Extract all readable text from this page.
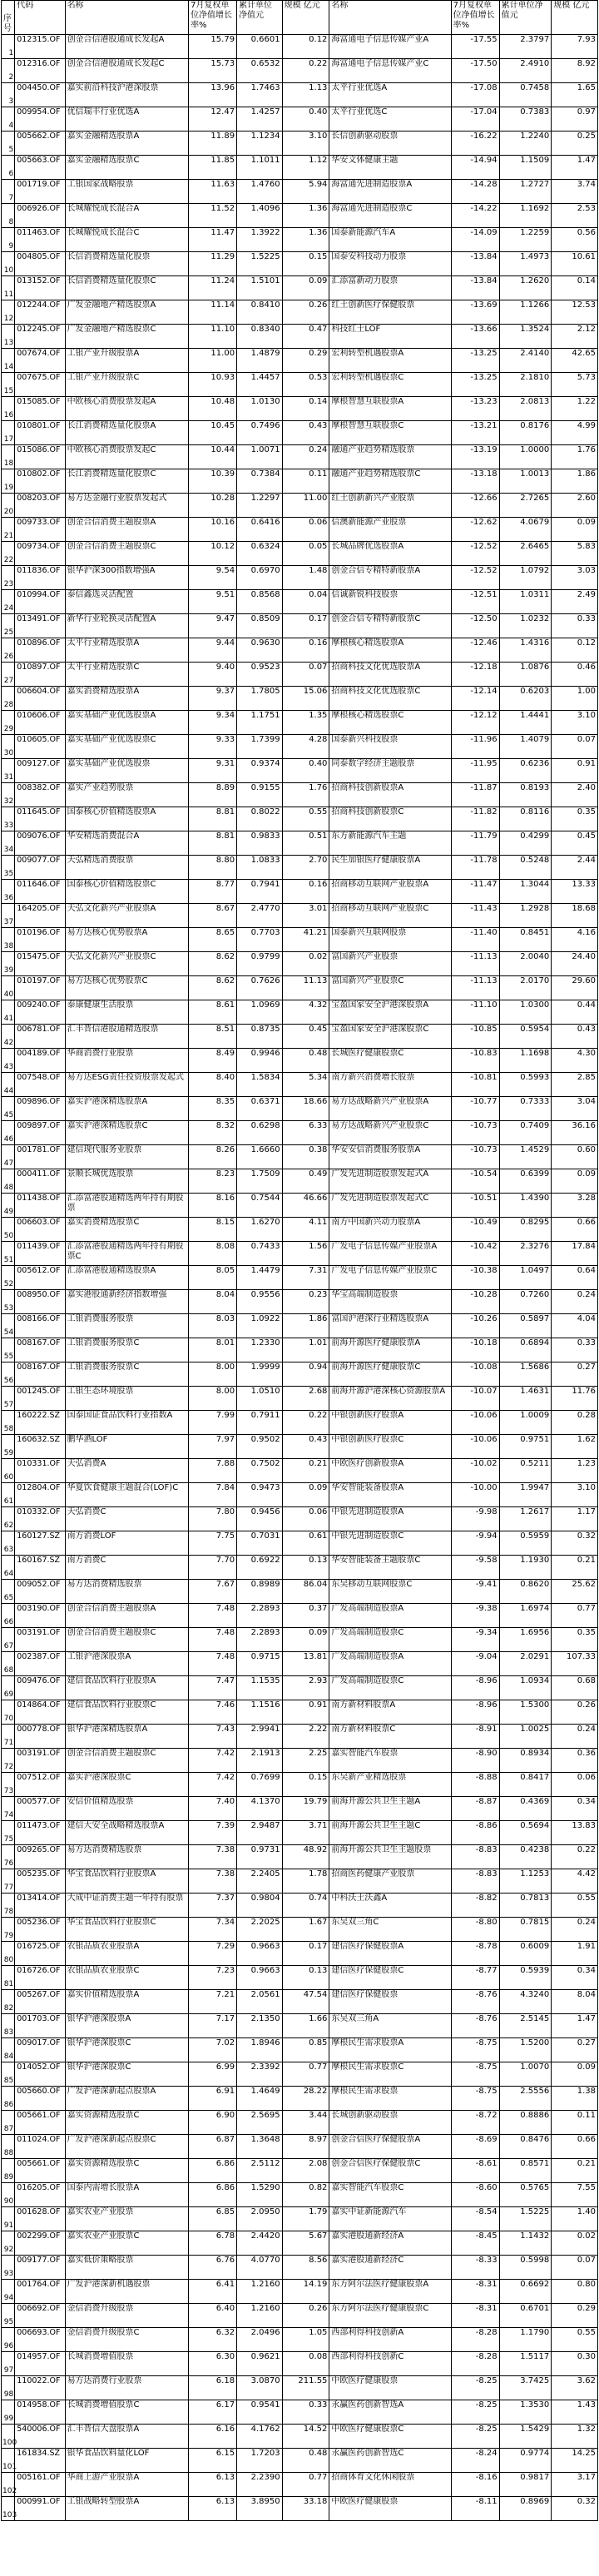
序号	代码	名称	7月复权单位净值增长率%	累计单位净值元	规模 亿元	名称	7月复权单位净值增长率%	累计单位净值元	规模 亿元
1	012315.OF	创金合信港股通成长发起A	15.79	0.6601	0.12	海富通电子信息传媒产业A	-17.55	2.3797	7.93
2	012316.OF	创金合信港股通成长发起C	15.73	0.6532	0.22	海富通电子信息传媒产业C	-17.50	2.4910	8.92
3	004450.OF	嘉实前沿科技沪港深股票	13.96	1.7463	1.13	太平行业优选A	-17.08	0.7458	1.65
4	009954.OF	优信瑞丰行业优选A	12.47	1.4257	0.40	太平行业优选C	-17.04	0.7383	0.97
5	005662.OF	嘉实金融精选股票A	11.89	1.1234	3.10	长信创新驱动股票	-16.22	1.2240	0.25
6	005663.OF	嘉实金融精选股票C	11.85	1.1011	1.12	华安文体健康主题	-14.94	1.1509	1.47
7	001719.OF	工银国家战略股票	11.63	1.4760	5.94	海富通先进制造股票A	-14.28	1.2727	3.74
8	006926.OF	长城耀悦成长混合A	11.52	1.4096	1.36	海富通先进制造股票C	-14.22	1.1692	2.53
9	011463.OF	长城耀悦成长混合C	11.47	1.3922	1.36	国泰新能源汽车A	-14.09	1.2259	0.56
10	004805.OF	长信消费精选量化股票	11.29	1.5225	0.15	国泰安科技动力股票	-13.84	1.4973	10.61
11	013152.OF	长信消费精选量化股票C	11.24	1.5101	0.09	汇添富新动力股票	-13.84	1.2620	0.14
12	012244.OF	广发金融地产精选股票A	11.14	0.8410	0.26	红土创新医疗保健股票	-13.69	1.1266	12.53
13	012245.OF	广发金融地产精选股票C	11.10	0.8340	0.47	科技红土LOF	-13.66	1.3524	2.12
14	007674.OF	工银产业升级股票A	11.00	1.4879	0.29	宏利转型机遇股票A	-13.25	2.4140	42.65
15	007675.OF	工银产业升级股票C	10.93	1.4457	0.53	宏利转型机遇股票C	-13.25	2.1810	5.73
16	015085.OF	中欧核心消费股票发起A	10.48	1.0130	0.14	摩根智慧互联股票A	-13.23	2.0813	1.22
17	010801.OF	长江消费精选量化股票A	10.45	0.7496	0.43	摩根智慧互联股票C	-13.21	0.8176	4.99
18	015086.OF	中欧核心消费股票发起C	10.44	1.0071	0.24	融通产业趋势精选股票	-13.19	1.0000	1.76
19	010802.OF	长江消费精选量化股票C	10.39	0.7384	0.11	融通产业趋势精选股票C	-13.18	1.0013	1.86
20	008203.OF	易方达金融行业股票发起式	10.28	1.2297	11.00	红土创新新兴产业股票	-12.66	2.7265	2.60
21	009733.OF	创金合信消费主题股票A	10.16	0.6416	0.06	信澳新能源产业股票	-12.62	4.0679	0.09
22	009734.OF	创金合信消费主题股票C	10.12	0.6324	0.05	长城品牌优选股票A	-12.52	2.6465	5.83
23	011836.OF	银华沪深300指数增强A	9.54	0.6970	1.48	创金合信专精特新股票A	-12.52	1.0792	3.03
24	010994.OF	泰信鑫选灵活配置	9.51	0.8568	0.04	信诚新锐科技股票	-12.51	1.0311	2.49
25	013491.OF	新华行业轮换灵活配置A	9.47	0.8509	0.17	创金合信专精特新股票C	-12.50	1.0232	0.33
26	010896.OF	太平行业精选股票A	9.44	0.9630	0.16	摩根核心精选股票A	-12.46	1.4316	0.12
27	010897.OF	太平行业精选股票C	9.40	0.9523	0.07	招商科技文化优选股票A	-12.18	1.0876	0.46
28	006604.OF	嘉实消费精选股票A	9.37	1.7805	15.06	招商科技文化优选股票C	-12.14	0.6203	1.00
29	010606.OF	嘉实基础产业优选股票A	9.34	1.1751	1.35	摩根核心精选股票C	-12.12	1.4441	3.10
30	010605.OF	嘉实基础产业优选股票C	9.33	1.7399	4.28	国泰新兴科技股票	-11.96	1.4079	0.07
31	009127.OF	嘉实基础产业优选股票	9.31	0.9374	0.40	同泰数字经济主题股票	-11.95	0.6236	0.91
32	008382.OF	嘉实产业趋势股票	8.89	0.9155	1.76	招商科技创新股票A	-11.87	0.8193	2.40
33	011645.OF	国泰核心价值精选股票A	8.81	0.8022	0.55	招商科技创新股票C	-11.82	0.8116	0.35
34	009076.OF	华安精选消费混合A	8.81	0.9833	0.51	东方新能源汽车主题	-11.79	0.4299	0.45
35	009077.OF	天弘精选消费股票	8.80	1.0833	2.70	民生加银医疗健康股票A	-11.78	0.5248	2.44
36	011646.OF	国泰核心价值精选股票C	8.77	0.7941	0.16	招商移动互联网产业股票A	-11.47	1.3044	13.33
37	164205.OF	天弘文化新兴产业股票A	8.67	2.4770	3.01	招商移动互联网产业股票C	-11.43	1.2928	18.68
38	010196.OF	易方达核心优势股票A	8.65	0.7703	41.21	国泰新兴互联网股票	-11.40	0.8451	4.16
39	015475.OF	天弘文化新兴产业股票C	8.62	0.9799	0.02	富国新兴产业股票	-11.13	2.0040	24.40
40	010197.OF	易方达核心优势股票C	8.62	0.7626	11.13	富国新兴产业股票C	-11.13	2.0170	29.60
41	009240.OF	泰康健康生活股票	8.61	1.0969	4.32	宝盈国家安全沪港深股票A	-11.10	1.0300	0.44
42	006781.OF	汇丰晋信港股通精选股票	8.51	0.8735	0.45	宝盈国家安全沪港深股票C	-10.85	0.5954	0.43
43	004189.OF	华商消费行业股票	8.49	0.9946	0.48	长城医疗健康股票C	-10.83	1.1698	4.30
44	007548.OF	易方达ESG责任投资股票发起式	8.40	1.5834	5.34	南方新兴消费增长股票	-10.81	0.5993	2.85
45	009896.OF	嘉实沪港深精选股票A	8.35	0.6371	18.66	易方达战略新兴产业股票A	-10.77	0.7333	3.04
46	009897.OF	嘉实沪港深精选股票C	8.32	0.6298	6.33	易方达战略新兴产业股票C	-10.73	0.7409	36.16
47	001781.OF	建信现代服务业股票	8.26	1.6660	0.38	华安安信消费服务股票A	-10.73	1.4529	0.60
48	000411.OF	景顺长城优选股票	8.23	1.7509	0.49	广发先进制造股票发起式A	-10.54	0.6399	0.09
49	011438.OF	汇添富港股通精选两年持有期股票	8.16	0.7544	46.66	广发先进制造股票发起式C	-10.51	1.4390	3.28
50	006603.OF	嘉实消费精选股票C	8.15	1.6270	4.11	南方中国新兴动力股票A	-10.49	0.8295	0.66
51	011439.OF	汇添富港股通精选两年持有期股票C	8.08	0.7433	1.56	广发电子信息传媒产业股票A	-10.42	2.3276	17.84
52	005612.OF	汇添富港股通精选股票A	8.05	1.4479	7.31	广发电子信息传媒产业股票C	-10.38	1.0497	0.64
53	008950.OF	嘉实港股通新经济指数增强	8.04	0.9556	0.23	华宝高端制造股票	-10.28	0.7260	0.24
54	008166.OF	工银消费服务股票	8.03	1.0922	1.86	富国沪港深行业精选股票A	-10.26	0.5897	4.04
55	008167.OF	工银消费服务股票C	8.01	1.2330	1.01	前海开源医疗健康股票A	-10.18	0.6894	0.33
56	008167.OF	工银消费服务股票C	8.00	1.9999	0.94	前海开源医疗健康股票C	-10.08	1.5686	0.27
57	001245.OF	工银生态环境股票	8.00	1.0510	2.68	前海开源沪港深核心资源股票A	-10.07	1.4631	11.76
58	160222.SZ	国泰国证食品饮料行业指数A	7.99	0.7911	0.22	中银创新医疗股票A	-10.06	1.0009	0.28
59	160632.SZ	鹏华酒LOF	7.97	0.9502	0.43	中银创新医疗股票C	-10.06	0.9751	1.62
60	010331.OF	天弘消费A	7.88	0.7502	0.21	中欧医疗创新股票A	-10.02	0.5211	1.23
61	012804.OF	华夏饮食健康主题混合(LOF)C	7.84	0.9473	0.09	华安智能装备股票A	-10.00	1.9947	3.10
62	010332.OF	天弘消费C	7.80	0.9456	0.06	中银先进制造股票A	-9.98	1.2617	1.17
63	160127.SZ	南方消费LOF	7.75	0.7031	0.61	中银先进制造股票C	-9.94	0.5959	0.32
64	160167.SZ	南方消费C	7.70	0.6922	0.13	华安智能装备主题股票C	-9.58	1.1930	0.21
65	009052.OF	易方达消费精选股票	7.67	0.8989	86.04	东吴移动互联网股票C	-9.41	0.8620	25.62
66	003190.OF	创金合信消费主题股票A	7.48	2.2893	0.37	广发高端制造股票A	-9.38	1.6974	0.77
67	003191.OF	创金合信消费主题股票C	7.48	2.2893	0.09	广发高端制造股票C	-9.34	1.6956	0.35
68	002387.OF	工银沪港深股票A	7.48	0.9715	13.81	广发高端制造股票A	-9.04	2.0291	107.33
69	009476.OF	建信食品饮料行业股票A	7.47	1.1535	2.93	广发高端制造股票C	-8.96	1.0934	0.68
70	014864.OF	建信食品饮料行业股票C	7.46	1.1516	0.91	南方新材料股票A	-8.96	1.5300	0.26
71	000778.OF	银华沪港深精选股票A	7.43	2.9941	2.22	南方新材料股票C	-8.91	1.0025	0.24
72	003191.OF	创金合信消费主题股票C	7.42	2.1913	2.25	嘉实智能汽车股票	-8.90	0.8934	0.36
73	007512.OF	嘉实沪港深股票C	7.42	0.7699	0.15	东吴新产业精选股票	-8.88	0.8417	0.06
74	000577.OF	安信价值精选股票	7.40	4.1370	19.79	前海开源公共卫生主题A	-8.87	0.4369	0.34
75	011473.OF	建信大安全战略精选股票A	7.39	2.9487	3.71	前海开源公共卫生主题C	-8.86	0.5694	13.83
76	009265.OF	易方达消费精选股票	7.38	0.9731	48.92	前海开源公共卫生主题股票	-8.83	0.4238	0.22
77	005235.OF	华宝食品饮料行业股票A	7.38	2.2405	1.78	招商医药健康产业股票	-8.83	1.1253	4.42
78	013414.OF	大成中证消费主题一年持有股票	7.37	0.9804	0.74	中科沃土沃鑫A	-8.82	0.7813	0.55
79	005236.OF	华宝食品饮料行业股票C	7.34	2.2025	1.67	东吴双三角C	-8.80	0.7815	0.24
80	016725.OF	农银品质农业股票A	7.29	0.9663	0.17	建信医疗保健股票A	-8.78	0.6009	1.91
81	016726.OF	农银品质农业股票C	7.23	0.9663	0.13	建信医疗保健股票C	-8.77	0.5939	0.34
82	005267.OF	嘉实价值精选股票A	7.21	2.0561	47.54	建信医疗保健股票	-8.76	4.3240	8.04
83	001703.OF	银华沪港深股票A	7.17	2.1350	1.66	东吴双三角A	-8.76	2.5145	1.47
84	009017.OF	银华沪港深股票C	7.02	1.8946	0.85	摩根民生需求股票A	-8.75	1.5200	0.27
85	014052.OF	银华沪港深股票C	6.99	2.3392	0.77	摩根民生需求股票C	-8.75	1.0070	0.09
86	005660.OF	广发沪港深新起点股票A	6.91	1.4649	28.22	摩根民生需求股票	-8.75	2.5556	1.38
87	005661.OF	嘉实资源精选股票C	6.90	2.5695	3.44	长城创新驱动股票	-8.72	0.8886	0.11
88	011024.OF	广发沪港深新起点股票C	6.87	1.3648	8.97	创金合信医疗保健股票A	-8.69	0.8476	0.66
89	005661.OF	嘉实资源精选股票C	6.86	2.5112	2.08	创金合信医疗保健股票C	-8.61	0.8571	0.21
90	016205.OF	国泰内需增长股票A	6.86	1.5290	0.82	嘉实智能汽车股票C	-8.60	0.5765	7.55
91	001628.OF	嘉实农业产业股票	6.85	2.0950	1.79	嘉实中证新能源汽车	-8.54	1.5225	1.40
92	002299.OF	嘉实农业产业股票C	6.78	2.4420	5.67	嘉实港股通新经济A	-8.45	1.1432	0.02
93	009177.OF	嘉实低价策略股票	6.76	4.0770	8.56	嘉实港股通新经济C	-8.33	0.5998	0.07
94	001764.OF	广发沪港深新机遇股票	6.41	1.2160	14.19	东方阿尔法医疗健康股票A	-8.31	0.6692	0.80
95	006692.OF	金信消费升级股票	6.40	1.2160	0.26	东方阿尔法医疗健康股票C	-8.31	0.6701	0.29
96	006693.OF	金信消费升级股票C	6.32	2.0496	1.05	西部利得科技创新A	-8.28	1.1790	0.55
97	014957.OF	长城消费增值股票	6.30	0.9621	0.08	西部利得科技创新C	-8.28	1.5117	0.30
98	110022.OF	易方达消费行业股票	6.18	3.0870	211.55	中欧医疗健康股票	-8.25	3.7425	3.62
99	014958.OF	长城消费增值股票C	6.17	0.9541	0.33	永赢医药创新智选A	-8.25	1.3530	1.43
100	540006.OF	汇丰晋信大盘股票A	6.16	4.1762	14.52	中欧医疗健康股票C	-8.25	1.5429	1.32
101	161834.SZ	银华食品饮料量化LOF	6.15	1.7203	0.48	永赢医药创新智选C	-8.24	0.9774	14.25
102	005161.OF	华商上游产业股票A	6.13	2.2390	0.77	招商体育文化休闲股票	-8.16	0.9817	3.17
103	000991.OF	工银战略转型股票A	6.13	3.8950	33.18	中欧医疗健康股票	-8.11	0.8969	0.32
